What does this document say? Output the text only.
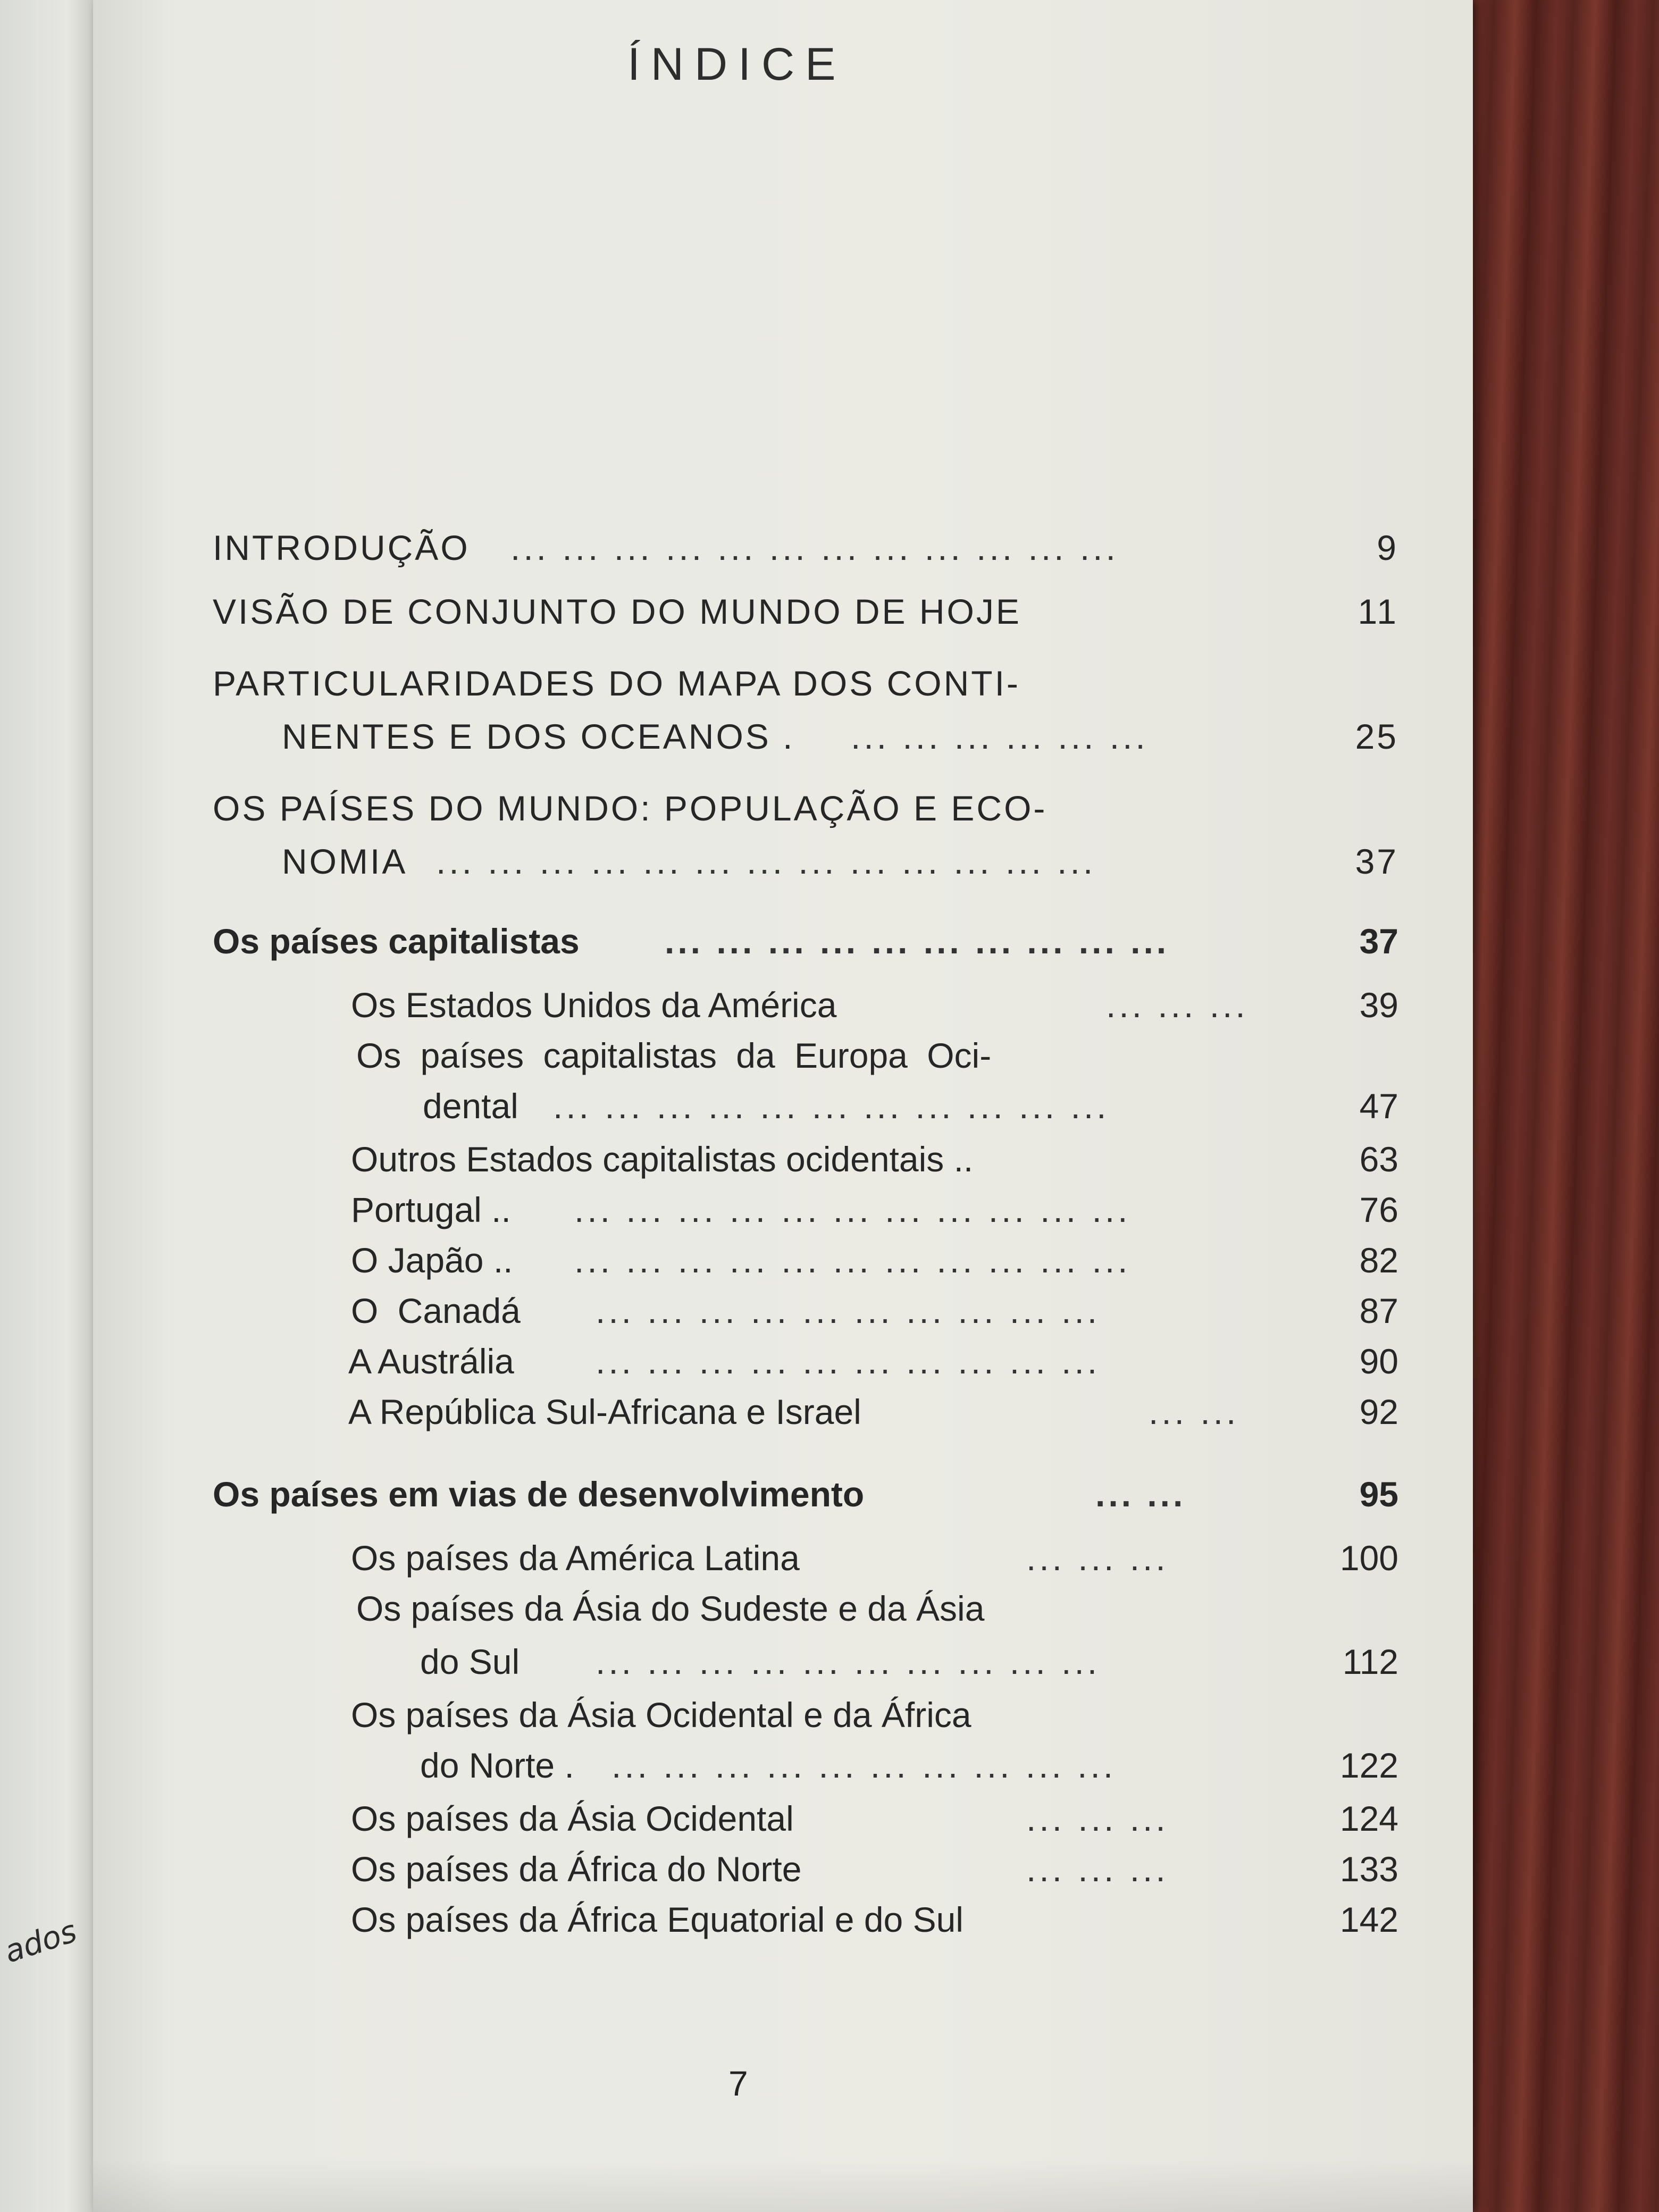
ados
ÍNDICE
INTRODUÇÃO ... ... ... ... ... ... ... ... ... ... ... ...	9
VISÃO DE CONJUNTO DO MUNDO DE HOJE	11
PARTICULARIDADES DO MAPA DOS CONTI-
NENTES E DOS OCEANOS . ... ... ... ... ... ...	25
OS PAÍSES DO MUNDO: POPULAÇÃO E ECO-
NOMIA ... ... ... ... ... ... ... ... ... ... ... ... ...	37
Os países capitalistas ... ... ... ... ... ... ... ... ... ...	37
Os Estados Unidos da América	... ... ...	39
Os países capitalistas da Europa Oci-
dental ... ... ... ... ... ... ... ... ... ... ...	47
Outros Estados capitalistas ocidentais ..	63
Portugal .. ... ... ... ... ... ... ... ... ... ... ...	76
O Japão .. ... ... ... ... ... ... ... ... ... ... ...	82
O Canadá ... ... ... ... ... ... ... ... ... ...	87
A Austrália ... ... ... ... ... ... ... ... ... ...	90
A República Sul-Africana e Israel	... ...	92
Os países em vias de desenvolvimento	... ...	95
Os países da América Latina	... ... ...	100
Os países da Ásia do Sudeste e da Ásia
do Sul ... ... ... ... ... ... ... ... ... ...	112
Os países da Ásia Ocidental e da África
do Norte . ... ... ... ... ... ... ... ... ... ...	122
Os países da Ásia Ocidental	... ... ...	124
Os países da África do Norte	... ... ...	133
Os países da África Equatorial e do Sul	142
7
